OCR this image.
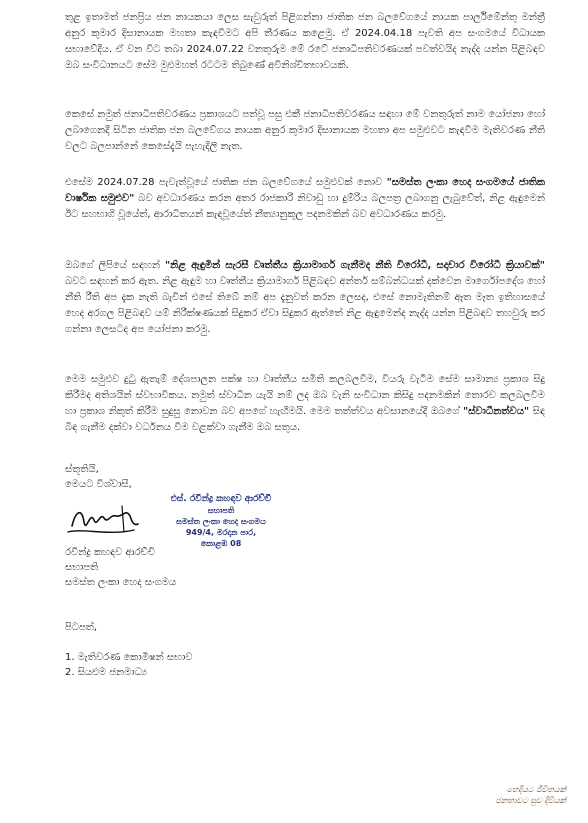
තුළ ඉතාමත් ජනප්‍රිය ජන නායකයා ලෙස සැවුරුත් පිළිගන්නා ජාතික ජන බලවේගයේ නායක පාර්ලිමේන්තු මන්ත්‍රී අනුර කුමාර දිසානායක මහතා කැඳවීමට අපි තීරණය කළෙමු. ඒ 2024.04.18 පැවති අප සංගමයේ විධායක සභාවේදීය. ඒ වන විට තබා 2024.07.22 වනතුරුම මේ රටේ ජනාධිපතිවරණයක් පවත්වයිද නැද්ද යන්න පිළිබඳව ඔබ සංවිධානයට සේම මුළුමහත් රටටම තිබුණේ අවිනිශ්චිතභාවයකි.

කෙසේ නමුත් ජනාධිපතිවරණය ප්‍රකාශයට පත්වූ පසු එකී ජනාධිපතිවරණය සඳහා මේ වනතුරුත් නාම යෝජනා හෝ ලබාගෙනදී සිටින ජාතික ජන බලවේගය නායක අනුර කුමාර දිසානායක මහතා අප සමුළුවට කැඳවීම මැතිවරණ නීති වලට බලපාන්නේ කෙසේදැයි පැහැදිලි නැත.

එසේම 2024.07.28 පැවැත්වූයේ ජාතික ජන බලවේගයේ සමුළුවක් නොව "සමස්ත ලංකා හෙද සංගමයේ ජාතික වාර්ෂික සමුළුව" බව අවධාරණය කරන අතර රාජකාරි නිවාඩු හා දුම්රිය බලපත්‍ර ලබාගනු ලැබුවේත්, නිළ ඇඳුමෙන් ඊට සහභාගි වූයේත්, ආරාධිතයන් කැඳවූයේත් නීත්‍යානුකූල පදනමකින් බව අවධාරණය කරමු.

ඔබගේ ලිපියේ සඳහන් "නිළ ඇඳුමින් සැරසී වෘත්තීය ක්‍රියාමාර්ග ගැනීමද නීති විරෝධී, සදාචාර විරෝධී ක්‍රියාවක්" බවට සඳහන් කර ඇත. නිළ ඇඳුම හා වෘත්තීය ක්‍රියාමාර්ග පිළිබඳව අන්තර් සම්බන්ධයක් දක්වෙන මාර්ගෝපදේශ හෝ නීති රීති අප දැක නැති බැවින් එසේ තිබේ නම් අප දැනුවත් කරන ලෙසද, එසේ නොමැතිනම් ඈත මෑත ඉතිහාසයේ හෙද අරගල පිළිබඳව යම් නිරීක්ෂණයක් සිදුකර ඒවා සිදුකර ඇත්තේ නිළ ඇඳුමෙන්ද නැද්ද යන්න පිළිබඳව තහවුරු කර ගන්නා ලෙසටද අප යෝජනා කරමු.

මෙම සමුළුව දුටු ඇතැම් දේශපාලන පක්ෂ හා වෘත්තීය සමිති කලබලවීම, වියරු වැටීම සේම සාමාන්‍ය ප්‍රකාශ සිදු කිරීමද අතිශයින් ස්වභාවිකය. නමුත් ස්වාධීන යැයි නම් ලද ඔබ වැනි සංවිධාන කිසිදු පදනමකින් තොරව කලබලවීම හා ප්‍රකාශ නිකුත් කිරීම සුදුසු නොවන බව අපගේ හැඟීමයි. මෙම තත්ත්වය අවසානයේදී ඔබගේ "ස්වාධීනත්වය" සිඳ බිඳ ගැනීම දක්වා වර්ධනය වීම වළක්වා ගැනීම ඔබ සතුය.

ස්තූතියි,
මෙයට විශ්වාසී,
එස්. රවීන්ද්‍ර කහඳව ආරච්චි
සභාපති
සමස්ත ලංකා හෙද සංගමය
949/4, මරදාන පාර,
කොළඹ 08
රවීන්ද්‍ර කහඳව ආරච්චි
සභාපති
සමස්ත ලංකා හෙද සංගමය
පිටපත්,
1. මැතිවරණ කොමිෂන් සභාව
2. සියළුම ජනමාධ්‍ය
හෙදියට ජීවිතයක්
ජනතාවට සුව දිවියක්
